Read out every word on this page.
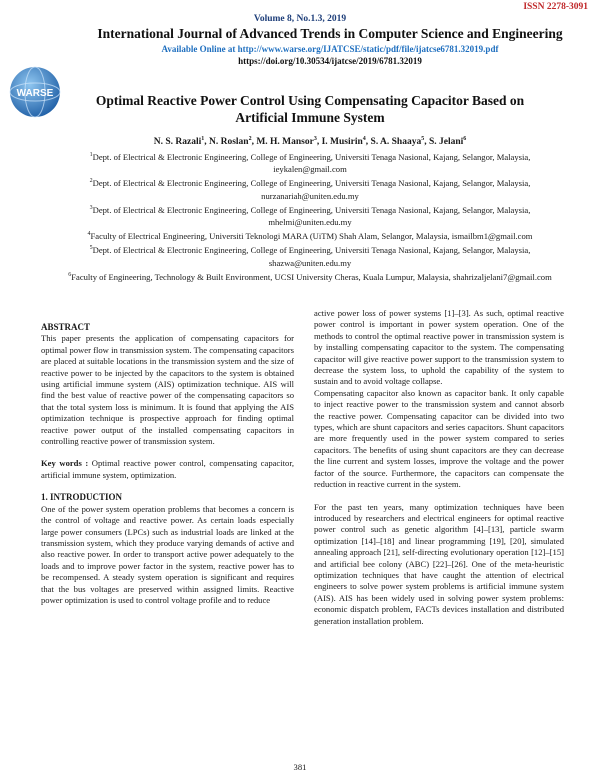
ISSN 2278-3091
Volume 8, No.1.3, 2019
International Journal of Advanced Trends in Computer Science and Engineering
Available Online at http://www.warse.org/IJATCSE/static/pdf/file/ijatcse6781.32019.pdf
https://doi.org/10.30534/ijatcse/2019/6781.32019
WARSE	Optimal Reactive Power Control Using Compensating Capacitor Based on
Artificial Immune System
N. S. Razali$^1$, N. Roslan$^2$, M. H. Mansor$^3$, I. Musirin$^4$, S. A. Shaaya$^5$, S. Jelani$^6$

$^1$Dept. of Electrical & Electronic Engineering, College of Engineering, Universiti Tenaga Nasional, Kajang, Selangor, Malaysia, ieykalen@gmail.com

$^2$Dept. of Electrical & Electronic Engineering, College of Engineering, Universiti Tenaga Nasional, Kajang, Selangor, Malaysia, nurzanariah@uniten.edu.my

$^3$Dept. of Electrical & Electronic Engineering, College of Engineering, Universiti Tenaga Nasional, Kajang, Selangor, Malaysia, mhelmi@uniten.edu.my

$^4$Faculty of Electrical Engineering, Universiti Teknologi MARA (UiTM) Shah Alam, Selangor, Malaysia, ismailbm1@gmail.com

$^5$Dept. of Electrical & Electronic Engineering, College of Engineering, Universiti Tenaga Nasional, Kajang, Selangor, Malaysia, shazwa@uniten.edu.my

$^6$Faculty of Engineering, Technology & Built Environment, UCSI University Cheras, Kuala Lumpur, Malaysia, shahrizaljelani7@gmail.com

ABSTRACT

This paper presents the application of compensating capacitors for optimal power flow in transmission system. The compensating capacitors are placed at suitable locations in the transmission system and the size of reactive power to be injected by the capacitors to the system is obtained using artificial immune system (AIS) optimization technique. AIS will find the best value of reactive power of the compensating capacitors so that the total system loss is minimum. It is found that applying the AIS optimization technique is prospective approach for finding optimal reactive power output of the installed compensating capacitors in controlling reactive power of transmission system.

Key words : Optimal reactive power control, compensating capacitor, artificial immune system, optimization.

1. INTRODUCTION

One of the power system operation problems that becomes a concern is the control of voltage and reactive power. As certain loads especially large power consumers (LPCs) such as industrial loads are linked at the transmission system, which they produce varying demands of active and also reactive power. In order to transport active power adequately to the loads and to improve power factor in the system, reactive power has to be recompensed. A steady system operation is significant and requires that the bus voltages are preserved within assigned limits. Reactive power optimization is used to control voltage profile and to reduce

active power loss of power systems [1]–[3]. As such, optimal reactive power control is important in power system operation. One of the methods to control the optimal reactive power in transmission system is by installing compensating capacitor to the system. The compensating capacitor will give reactive power support to the transmission system to decrease the system loss, to uphold the capability of the system to sustain and to avoid voltage collapse.

Compensating capacitor also known as capacitor bank. It only capable to inject reactive power to the transmission system and cannot absorb the reactive power. Compensating capacitor can be divided into two types, which are shunt capacitors and series capacitors. Shunt capacitors are more frequently used in the power system compared to series capacitors. The benefits of using shunt capacitors are they can decrease the line current and system losses, improve the voltage and the power factor of the source. Furthermore, the capacitors can compensate the reduction in reactive current in the system.

For the past ten years, many optimization techniques have been introduced by researchers and electrical engineers for optimal reactive power control such as genetic algorithm [4]–[13], particle swarm optimization [14]–[18] and linear programming [19], [20], simulated annealing approach [21], self-directing evolutionary operation [12]–[15] and artificial bee colony (ABC) [22]–[26]. One of the meta-heuristic optimization techniques that have caught the attention of electrical engineers to solve power system problems is artificial immune system (AIS). AIS has been widely used in solving power system problems: economic dispatch problem, FACTs devices installation and distributed generation installation problem.

381
